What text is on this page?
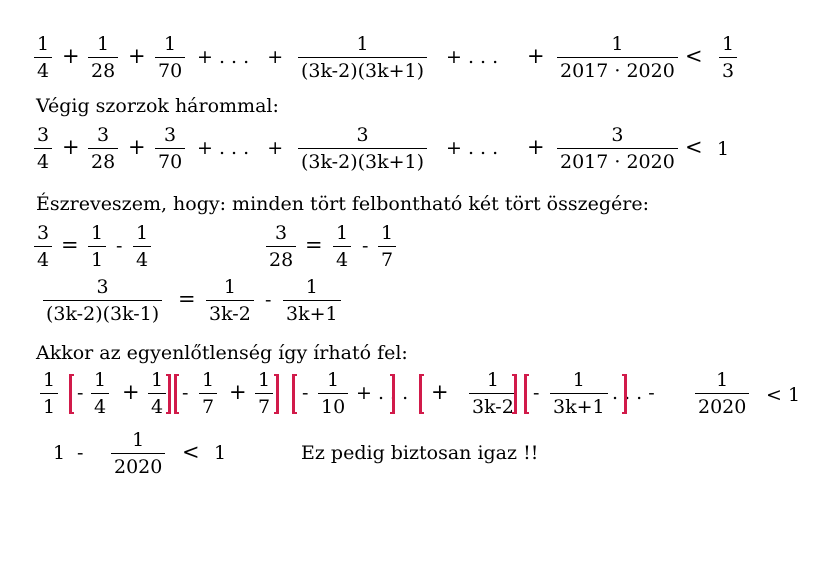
1
4
+ 1
28
+ 1
70
+ . . .   +
1
(3k-2)(3k+1)
+ . . . +	1
2017 · 2020
< 1
3
Végig szorzok hárommal:
3
4
+ 3
28
+ 3
70
+ . . .   +
3
(3k-2)(3k+1)
+ . . . +	3
2017 · 2020
< 1
Észreveszem, hogy: minden tört felbontható két tört összegére:
3
4
= 1
1
-
1
4
3
28
= 1
4
-
1
7
3
(3k-2)(3k-1)
= 1
3k-2
-
1
3k+1
Akkor az egyenlőtlenség így írható fel:
1
1
-
1
4
+ 1
4
-
1
7
+ 1
7
-
1
10
+ . . . + 1
3k-2
-
1
3k+1
. . . -
1
2020
< 1
1 -
1
2020
< 1	Ez pedig biztosan igaz !!
